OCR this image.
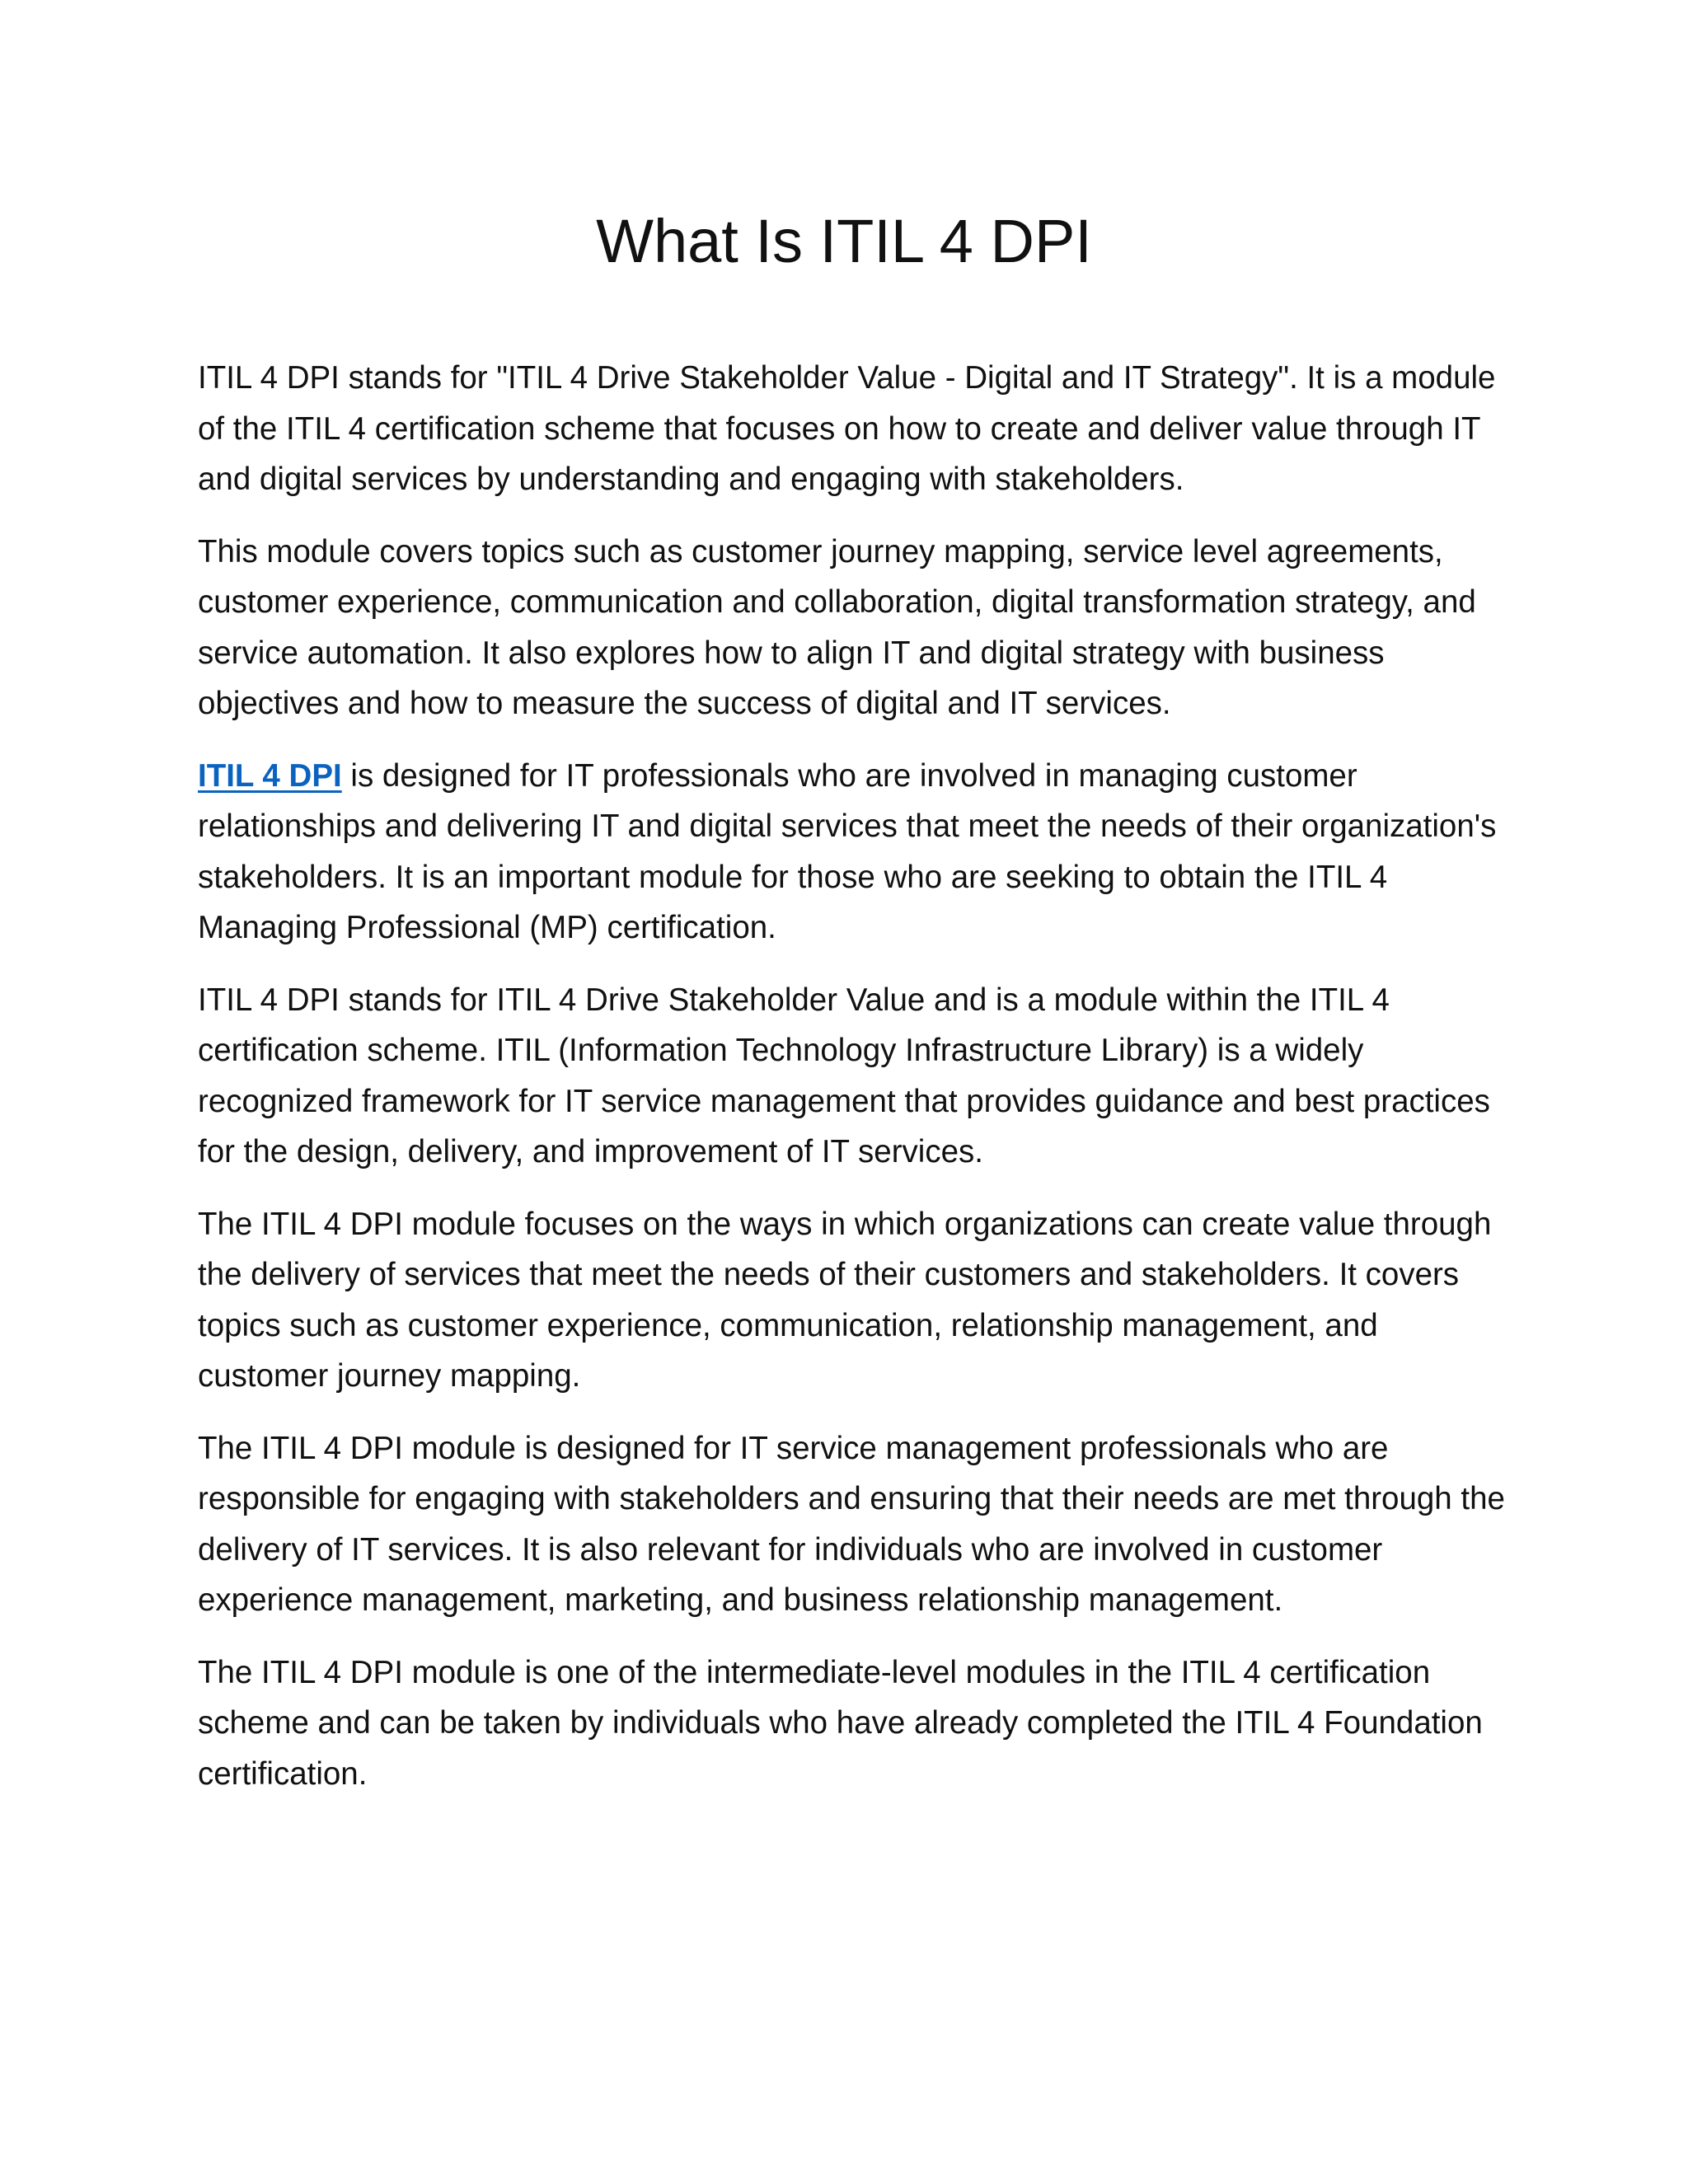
What Is ITIL 4 DPI

ITIL 4 DPI stands for "ITIL 4 Drive Stakeholder Value - Digital and IT Strategy". It is a module of the ITIL 4 certification scheme that focuses on how to create and deliver value through IT and digital services by understanding and engaging with stakeholders.

This module covers topics such as customer journey mapping, service level agreements, customer experience, communication and collaboration, digital transformation strategy, and service automation. It also explores how to align IT and digital strategy with business objectives and how to measure the success of digital and IT services.

ITIL 4 DPI is designed for IT professionals who are involved in managing customer relationships and delivering IT and digital services that meet the needs of their organization's stakeholders. It is an important module for those who are seeking to obtain the ITIL 4 Managing Professional (MP) certification.

ITIL 4 DPI stands for ITIL 4 Drive Stakeholder Value and is a module within the ITIL 4 certification scheme. ITIL (Information Technology Infrastructure Library) is a widely recognized framework for IT service management that provides guidance and best practices for the design, delivery, and improvement of IT services.

The ITIL 4 DPI module focuses on the ways in which organizations can create value through the delivery of services that meet the needs of their customers and stakeholders. It covers topics such as customer experience, communication, relationship management, and customer journey mapping.

The ITIL 4 DPI module is designed for IT service management professionals who are responsible for engaging with stakeholders and ensuring that their needs are met through the delivery of IT services. It is also relevant for individuals who are involved in customer experience management, marketing, and business relationship management.

The ITIL 4 DPI module is one of the intermediate-level modules in the ITIL 4 certification scheme and can be taken by individuals who have already completed the ITIL 4 Foundation certification.
